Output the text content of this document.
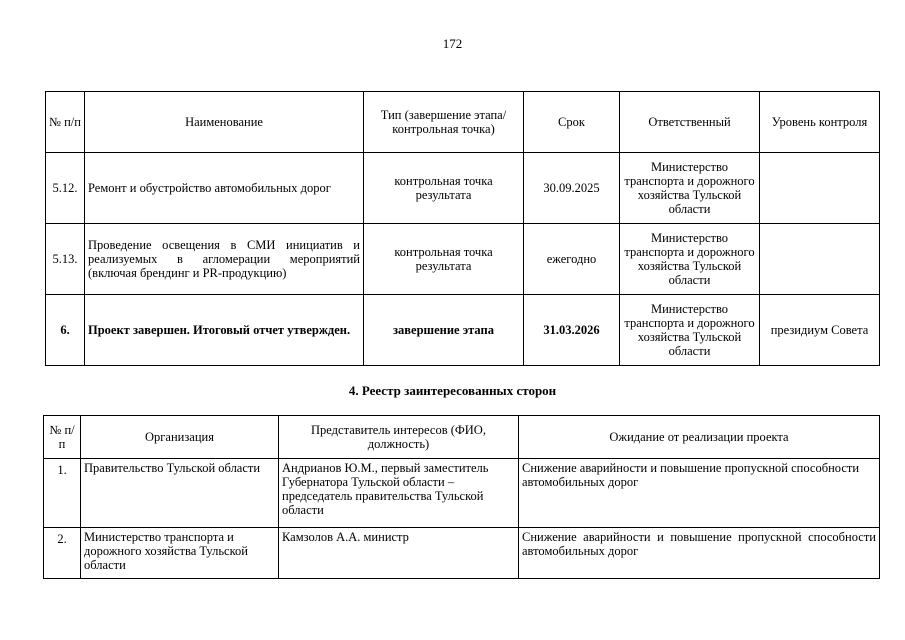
172
№ п/п	Наименование	Тип (завершение этапа/контрольная точка)	Срок	Ответственный	Уровень контроля
5.12.	Ремонт и обустройство автомобильных дорог	контрольная точка результата	30.09.2025	Министерство транспорта и дорожного хозяйства Тульской области	
5.13.	Проведение освещения в СМИ инициатив и реализуемых в агломерации мероприятий (включая брендинг и PR-продукцию)	контрольная точка результата	ежегодно	Министерство транспорта и дорожного хозяйства Тульской области	
6.	Проект завершен. Итоговый отчет утвержден.	завершение этапа	31.03.2026	Министерство транспорта и дорожного хозяйства Тульской области	президиум Совета
4. Реестр заинтересованных сторон
№ п/п	Организация	Представитель интересов (ФИО, должность)	Ожидание от реализации проекта
1.	Правительство Тульской области	Андрианов Ю.М., первый заместитель Губернатора Тульской области – председатель правительства Тульской области	Снижение аварийности и повышение пропускной способности автомобильных дорог
2.	Министерство транспорта и дорожного хозяйства Тульской области	Камзолов А.А. министр	Снижение аварийности и повышение пропускной способности автомобильных дорог
